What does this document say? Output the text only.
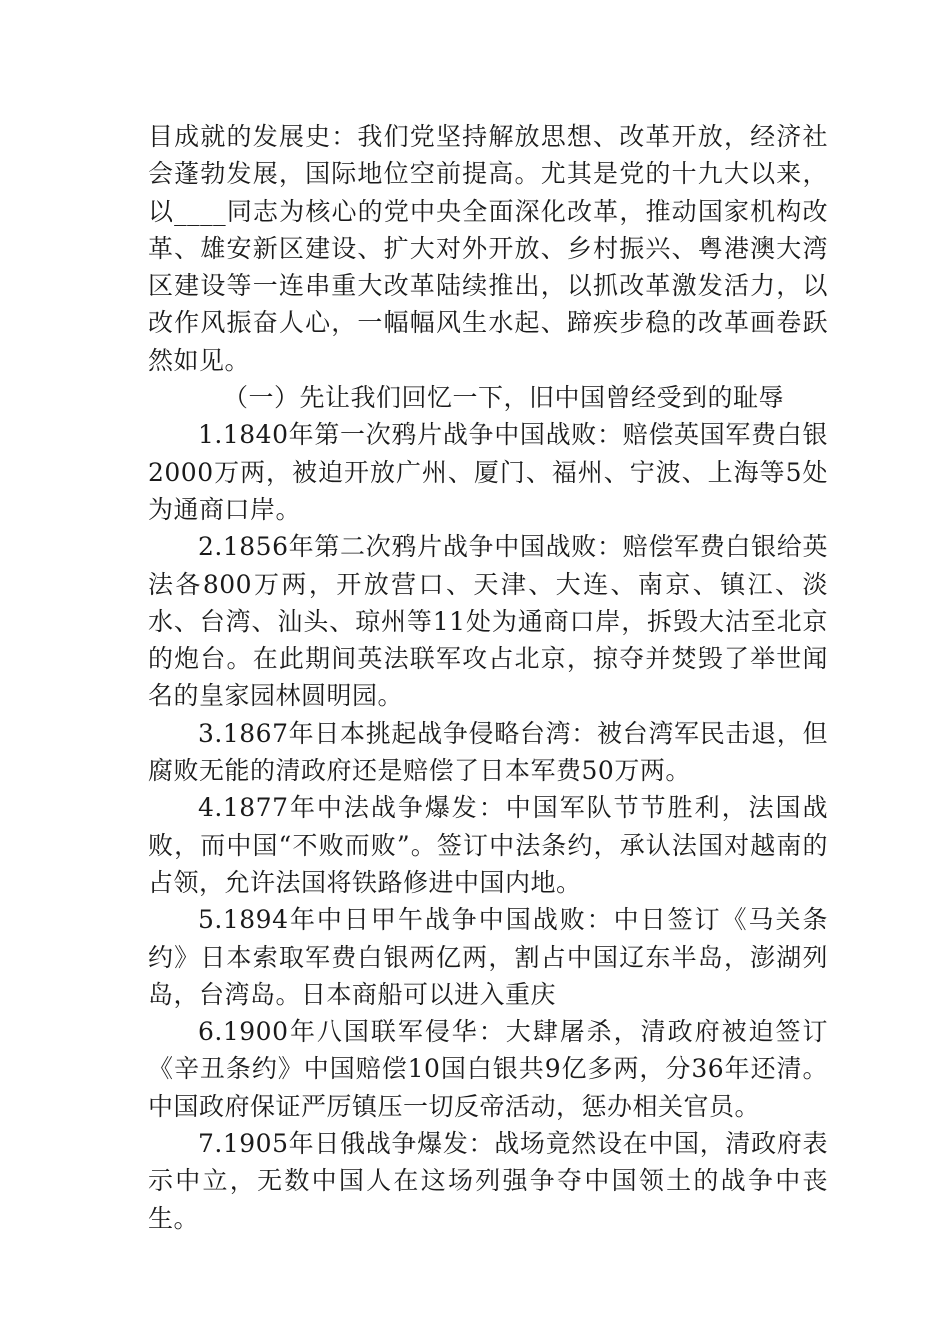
目成就的发展史：我们党坚持解放思想、改革开放，经济社会蓬勃发展，国际地位空前提高。尤其是党的十九大以来，以____同志为核心的党中央全面深化改革，推动国家机构改革、雄安新区建设、扩大对外开放、乡村振兴、粤港澳大湾区建设等一连串重大改革陆续推出，以抓改革激发活力，以改作风振奋人心，一幅幅风生水起、蹄疾步稳的改革画卷跃然如见。

（一）先让我们回忆一下，旧中国曾经受到的耻辱

1.1840年第一次鸦片战争中国战败：赔偿英国军费白银2000万两，被迫开放广州、厦门、福州、宁波、上海等5处为通商口岸。

2.1856年第二次鸦片战争中国战败：赔偿军费白银给英法各800万两，开放营口、天津、大连、南京、镇江、淡水、台湾、汕头、琼州等11处为通商口岸，拆毁大沽至北京的炮台。在此期间英法联军攻占北京，掠夺并焚毁了举世闻名的皇家园林圆明园。

3.1867年日本挑起战争侵略台湾：被台湾军民击退，但腐败无能的清政府还是赔偿了日本军费50万两。

4.1877年中法战争爆发：中国军队节节胜利，法国战败，而中国“不败而败”。签订中法条约，承认法国对越南的占领，允许法国将铁路修进中国内地。

5.1894年中日甲午战争中国战败：中日签订《马关条约》日本索取军费白银两亿两，割占中国辽东半岛，澎湖列岛，台湾岛。日本商船可以进入重庆

6.1900年八国联军侵华：大肆屠杀，清政府被迫签订《辛丑条约》中国赔偿10国白银共9亿多两，分36年还清。中国政府保证严厉镇压一切反帝活动，惩办相关官员。

7.1905年日俄战争爆发：战场竟然设在中国，清政府表示中立，无数中国人在这场列强争夺中国领土的战争中丧生。
